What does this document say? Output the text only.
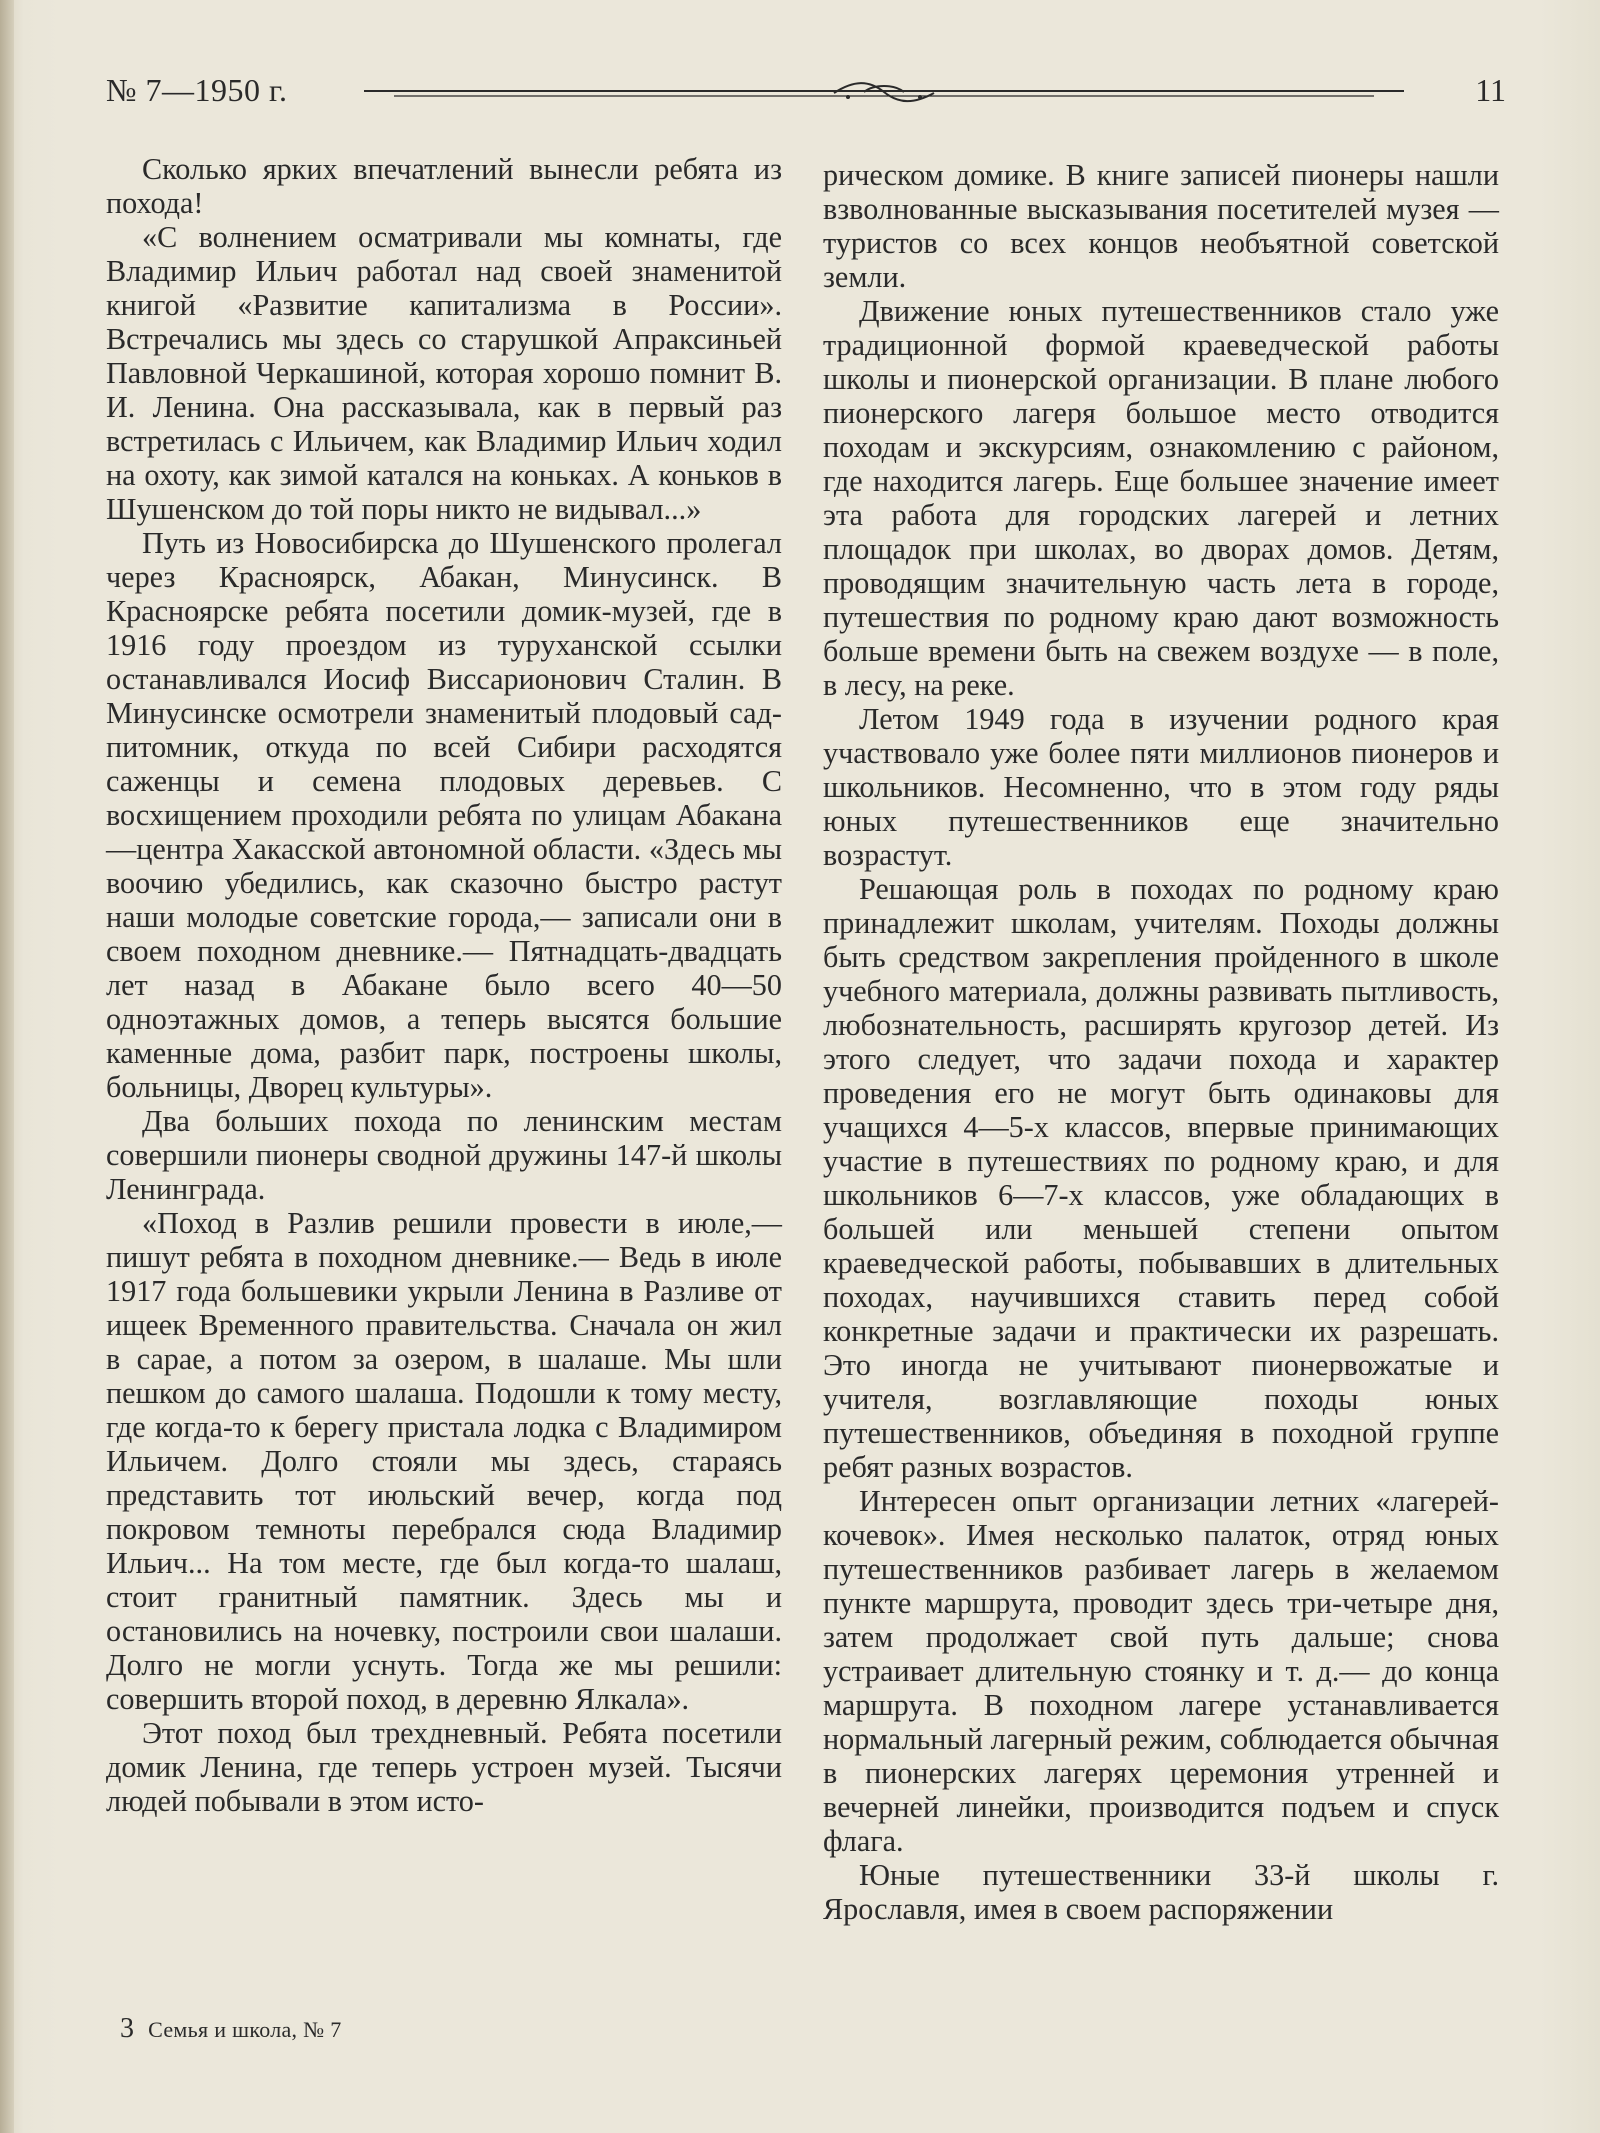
№ 7—1950 г.	11

Сколько ярких впечатлений вынесли ребята из похода!

«С волнением осматривали мы комнаты, где Владимир Ильич работал над своей знаменитой книгой «Развитие капитализма в России». Встречались мы здесь со старушкой Апраксиньей Павловной Черкашиной, которая хорошо помнит В. И. Ленина. Она рассказывала, как в первый раз встретилась с Ильичем, как Владимир Ильич ходил на охоту, как зимой катался на коньках. А коньков в Шушенском до той поры никто не видывал...»

Путь из Новосибирска до Шушенского пролегал через Красноярск, Абакан, Минусинск. В Красноярске ребята посетили домик-музей, где в 1916 году проездом из туруханской ссылки останавливался Иосиф Виссарионович Сталин. В Минусинске осмотрели знаменитый плодовый сад-питомник, откуда по всей Сибири расходятся саженцы и семена плодовых деревьев. С восхищением проходили ребята по улицам Абакана—центра Хакасской автономной области. «Здесь мы воочию убедились, как сказочно быстро растут наши молодые советские города,— записали они в своем походном дневнике.— Пятнадцать-двадцать лет назад в Абакане было всего 40—50 одноэтажных домов, а теперь высятся большие каменные дома, разбит парк, построены школы, больницы, Дворец культуры».

Два больших похода по ленинским местам совершили пионеры сводной дружины 147-й школы Ленинграда.

«Поход в Разлив решили провести в июле,— пишут ребята в походном дневнике.— Ведь в июле 1917 года большевики укрыли Ленина в Разливе от ищеек Временного правительства. Сначала он жил в сарае, а потом за озером, в шалаше. Мы шли пешком до самого шалаша. Подошли к тому месту, где когда-то к берегу пристала лодка с Владимиром Ильичем. Долго стояли мы здесь, стараясь представить тот июльский вечер, когда под покровом темноты перебрался сюда Владимир Ильич... На том месте, где был когда-то шалаш, стоит гранитный памятник. Здесь мы и остановились на ночевку, построили свои шалаши. Долго не могли уснуть. Тогда же мы решили: совершить второй поход, в деревню Ялкала».

Этот поход был трехдневный. Ребята посетили домик Ленина, где теперь устроен музей. Тысячи людей побывали в этом исто-

рическом домике. В книге записей пионеры нашли взволнованные высказывания посетителей музея — туристов со всех концов необъятной советской земли.

Движение юных путешественников стало уже традиционной формой краеведческой работы школы и пионерской организации. В плане любого пионерского лагеря большое место отводится походам и экскурсиям, ознакомлению с районом, где находится лагерь. Еще большее значение имеет эта работа для городских лагерей и летних площадок при школах, во дворах домов. Детям, проводящим значительную часть лета в городе, путешествия по родному краю дают возможность больше времени быть на свежем воздухе — в поле, в лесу, на реке.

Летом 1949 года в изучении родного края участвовало уже более пяти миллионов пионеров и школьников. Несомненно, что в этом году ряды юных путешественников еще значительно возрастут.

Решающая роль в походах по родному краю принадлежит школам, учителям. Походы должны быть средством закрепления пройденного в школе учебного материала, должны развивать пытливость, любознательность, расширять кругозор детей. Из этого следует, что задачи похода и характер проведения его не могут быть одинаковы для учащихся 4—5-х классов, впервые принимающих участие в путешествиях по родному краю, и для школьников 6—7-х классов, уже обладающих в большей или меньшей степени опытом краеведческой работы, побывавших в длительных походах, научившихся ставить перед собой конкретные задачи и практически их разрешать. Это иногда не учитывают пионервожатые и учителя, возглавляющие походы юных путешественников, объединяя в походной группе ребят разных возрастов.

Интересен опыт организации летних «лагерей-кочевок». Имея несколько палаток, отряд юных путешественников разбивает лагерь в желаемом пункте маршрута, проводит здесь три-четыре дня, затем продолжает свой путь дальше; снова устраивает длительную стоянку и т. д.— до конца маршрута. В походном лагере устанавливается нормальный лагерный режим, соблюдается обычная в пионерских лагерях церемония утренней и вечерней линейки, производится подъем и спуск флага.

Юные путешественники 33-й школы г. Ярославля, имея в своем распоряжении

3 Семья и школа, № 7
